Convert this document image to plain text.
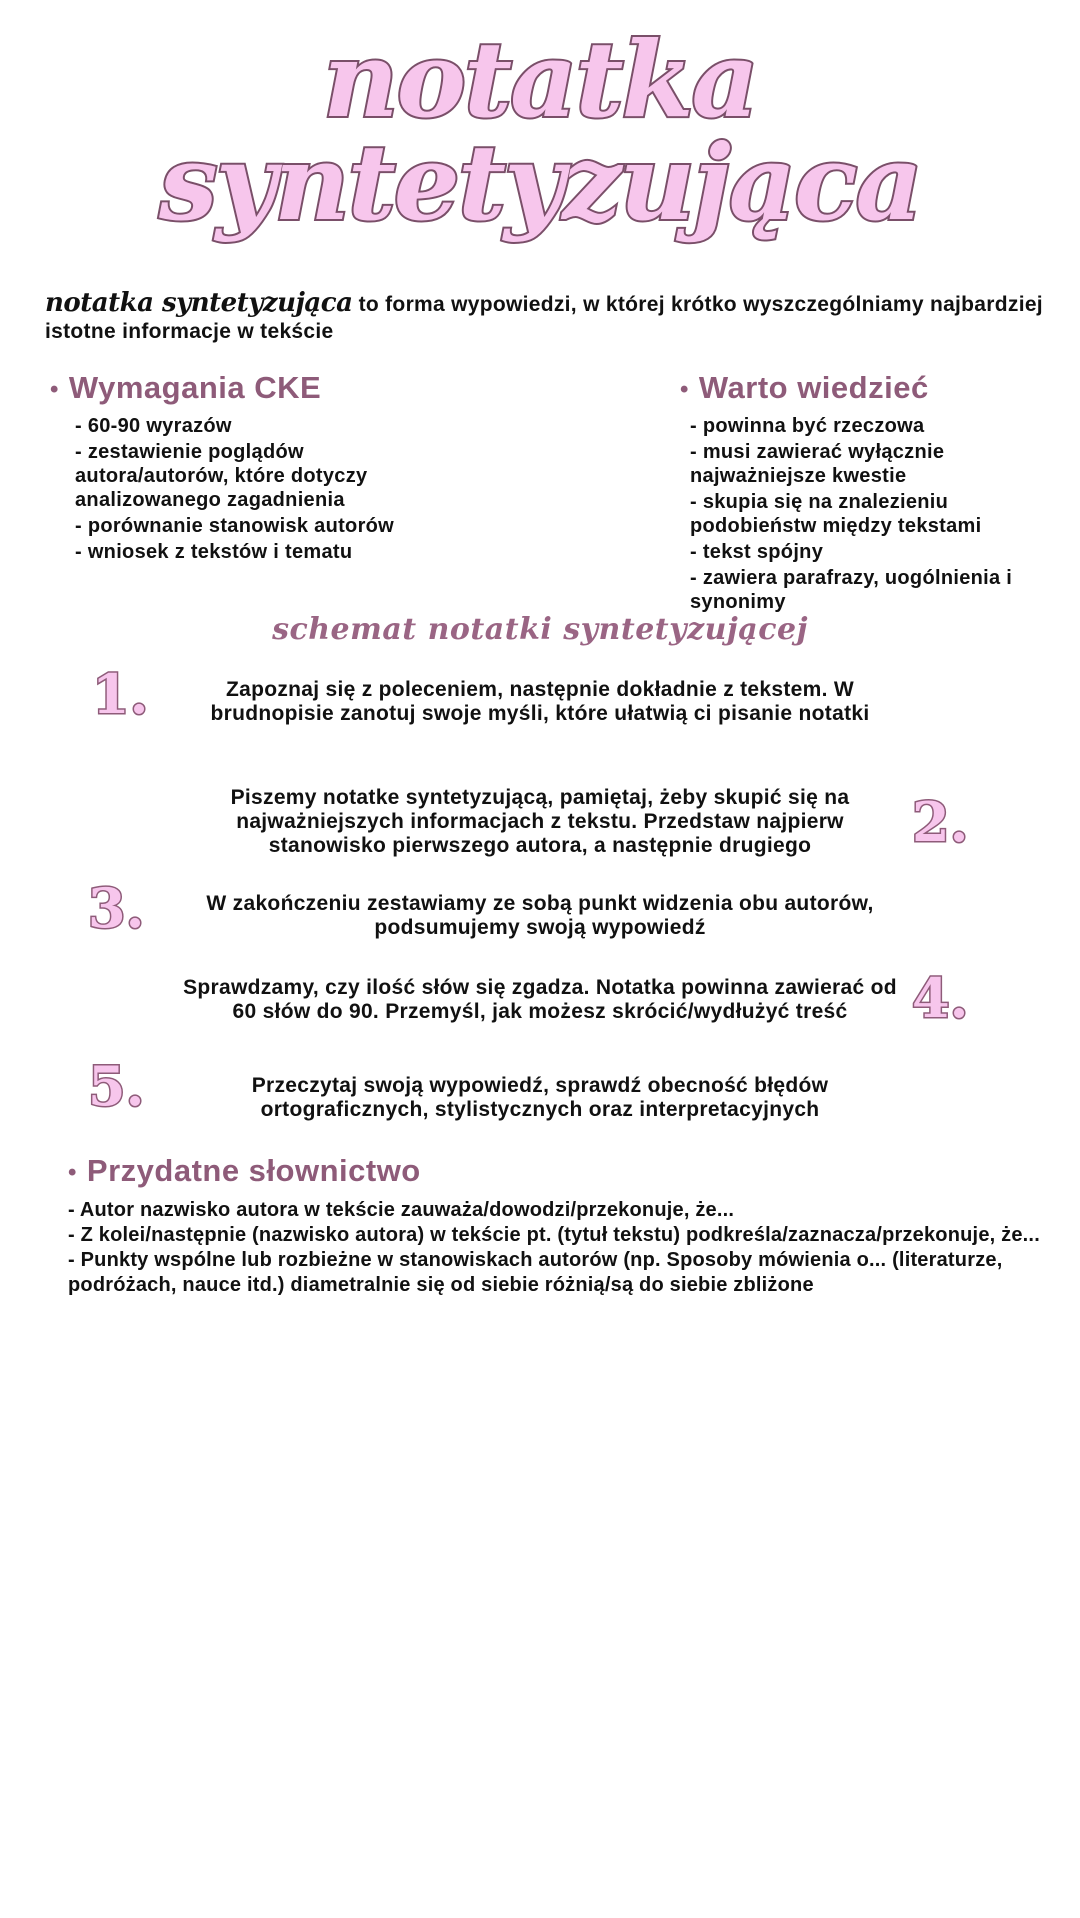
notatka
syntetyzująca
notatka syntetyzująca to forma wypowiedzi, w której krótko wyszczególniamy najbardziej istotne informacje w tekście
• Wymagania CKE
- 60-90 wyrazów
- zestawienie poglądów autora/autorów, które dotyczy analizowanego zagadnienia
- porównanie stanowisk autorów
- wniosek z tekstów i tematu
• Warto wiedzieć
- powinna być rzeczowa
- musi zawierać wyłącznie najważniejsze kwestie
- skupia się na znalezieniu podobieństw między tekstami
- tekst spójny
- zawiera parafrazy, uogólnienia i synonimy
schemat notatki syntetyzującej
1.	Zapoznaj się z poleceniem, następnie dokładnie z tekstem. W brudnopisie zanotuj swoje myśli, które ułatwią ci pisanie notatki
2.
Piszemy notatke syntetyzującą, pamiętaj, żeby skupić się na najważniejszych informacjach z tekstu. Przedstaw najpierw stanowisko pierwszego autora, a następnie drugiego
3.	W zakończeniu zestawiamy ze sobą punkt widzenia obu autorów, podsumujemy swoją wypowiedź
4.
Sprawdzamy, czy ilość słów się zgadza. Notatka powinna zawierać od 60 słów do 90. Przemyśl, jak możesz skrócić/wydłużyć treść
5.	Przeczytaj swoją wypowiedź, sprawdź obecność błędów ortograficznych, stylistycznych oraz interpretacyjnych
• Przydatne słownictwo
- Autor nazwisko autora w tekście zauważa/dowodzi/przekonuje, że...
- Z kolei/następnie (nazwisko autora) w tekście pt. (tytuł tekstu) podkreśla/zaznacza/przekonuje, że...
- Punkty wspólne lub rozbieżne w stanowiskach autorów (np. Sposoby mówienia o... (literaturze, podróżach, nauce itd.) diametralnie się od siebie różnią/są do siebie zbliżone
